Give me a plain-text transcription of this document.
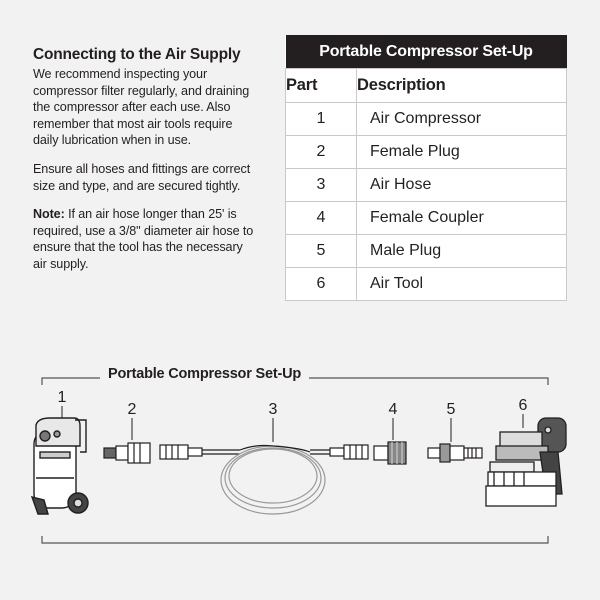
Connecting to the Air Supply

We recommend inspecting your
compressor filter regularly, and draining
the compressor after each use. Also
remember that most air tools require
daily lubrication when in use.

Ensure all hoses and fittings are correct
size and type, and are secured tightly.

Note: If an air hose longer than 25' is
required, use a 3/8" diameter air hose to
ensure that the tool has the necessary
air supply.

Portable Compressor Set-Up	
Part	Description
1	Air Compressor
2	Female Plug
3	Air Hose
4	Female Coupler
5	Male Plug
6	Air Tool
1
2	3	4	5	6
Portable Compressor Set-Up
